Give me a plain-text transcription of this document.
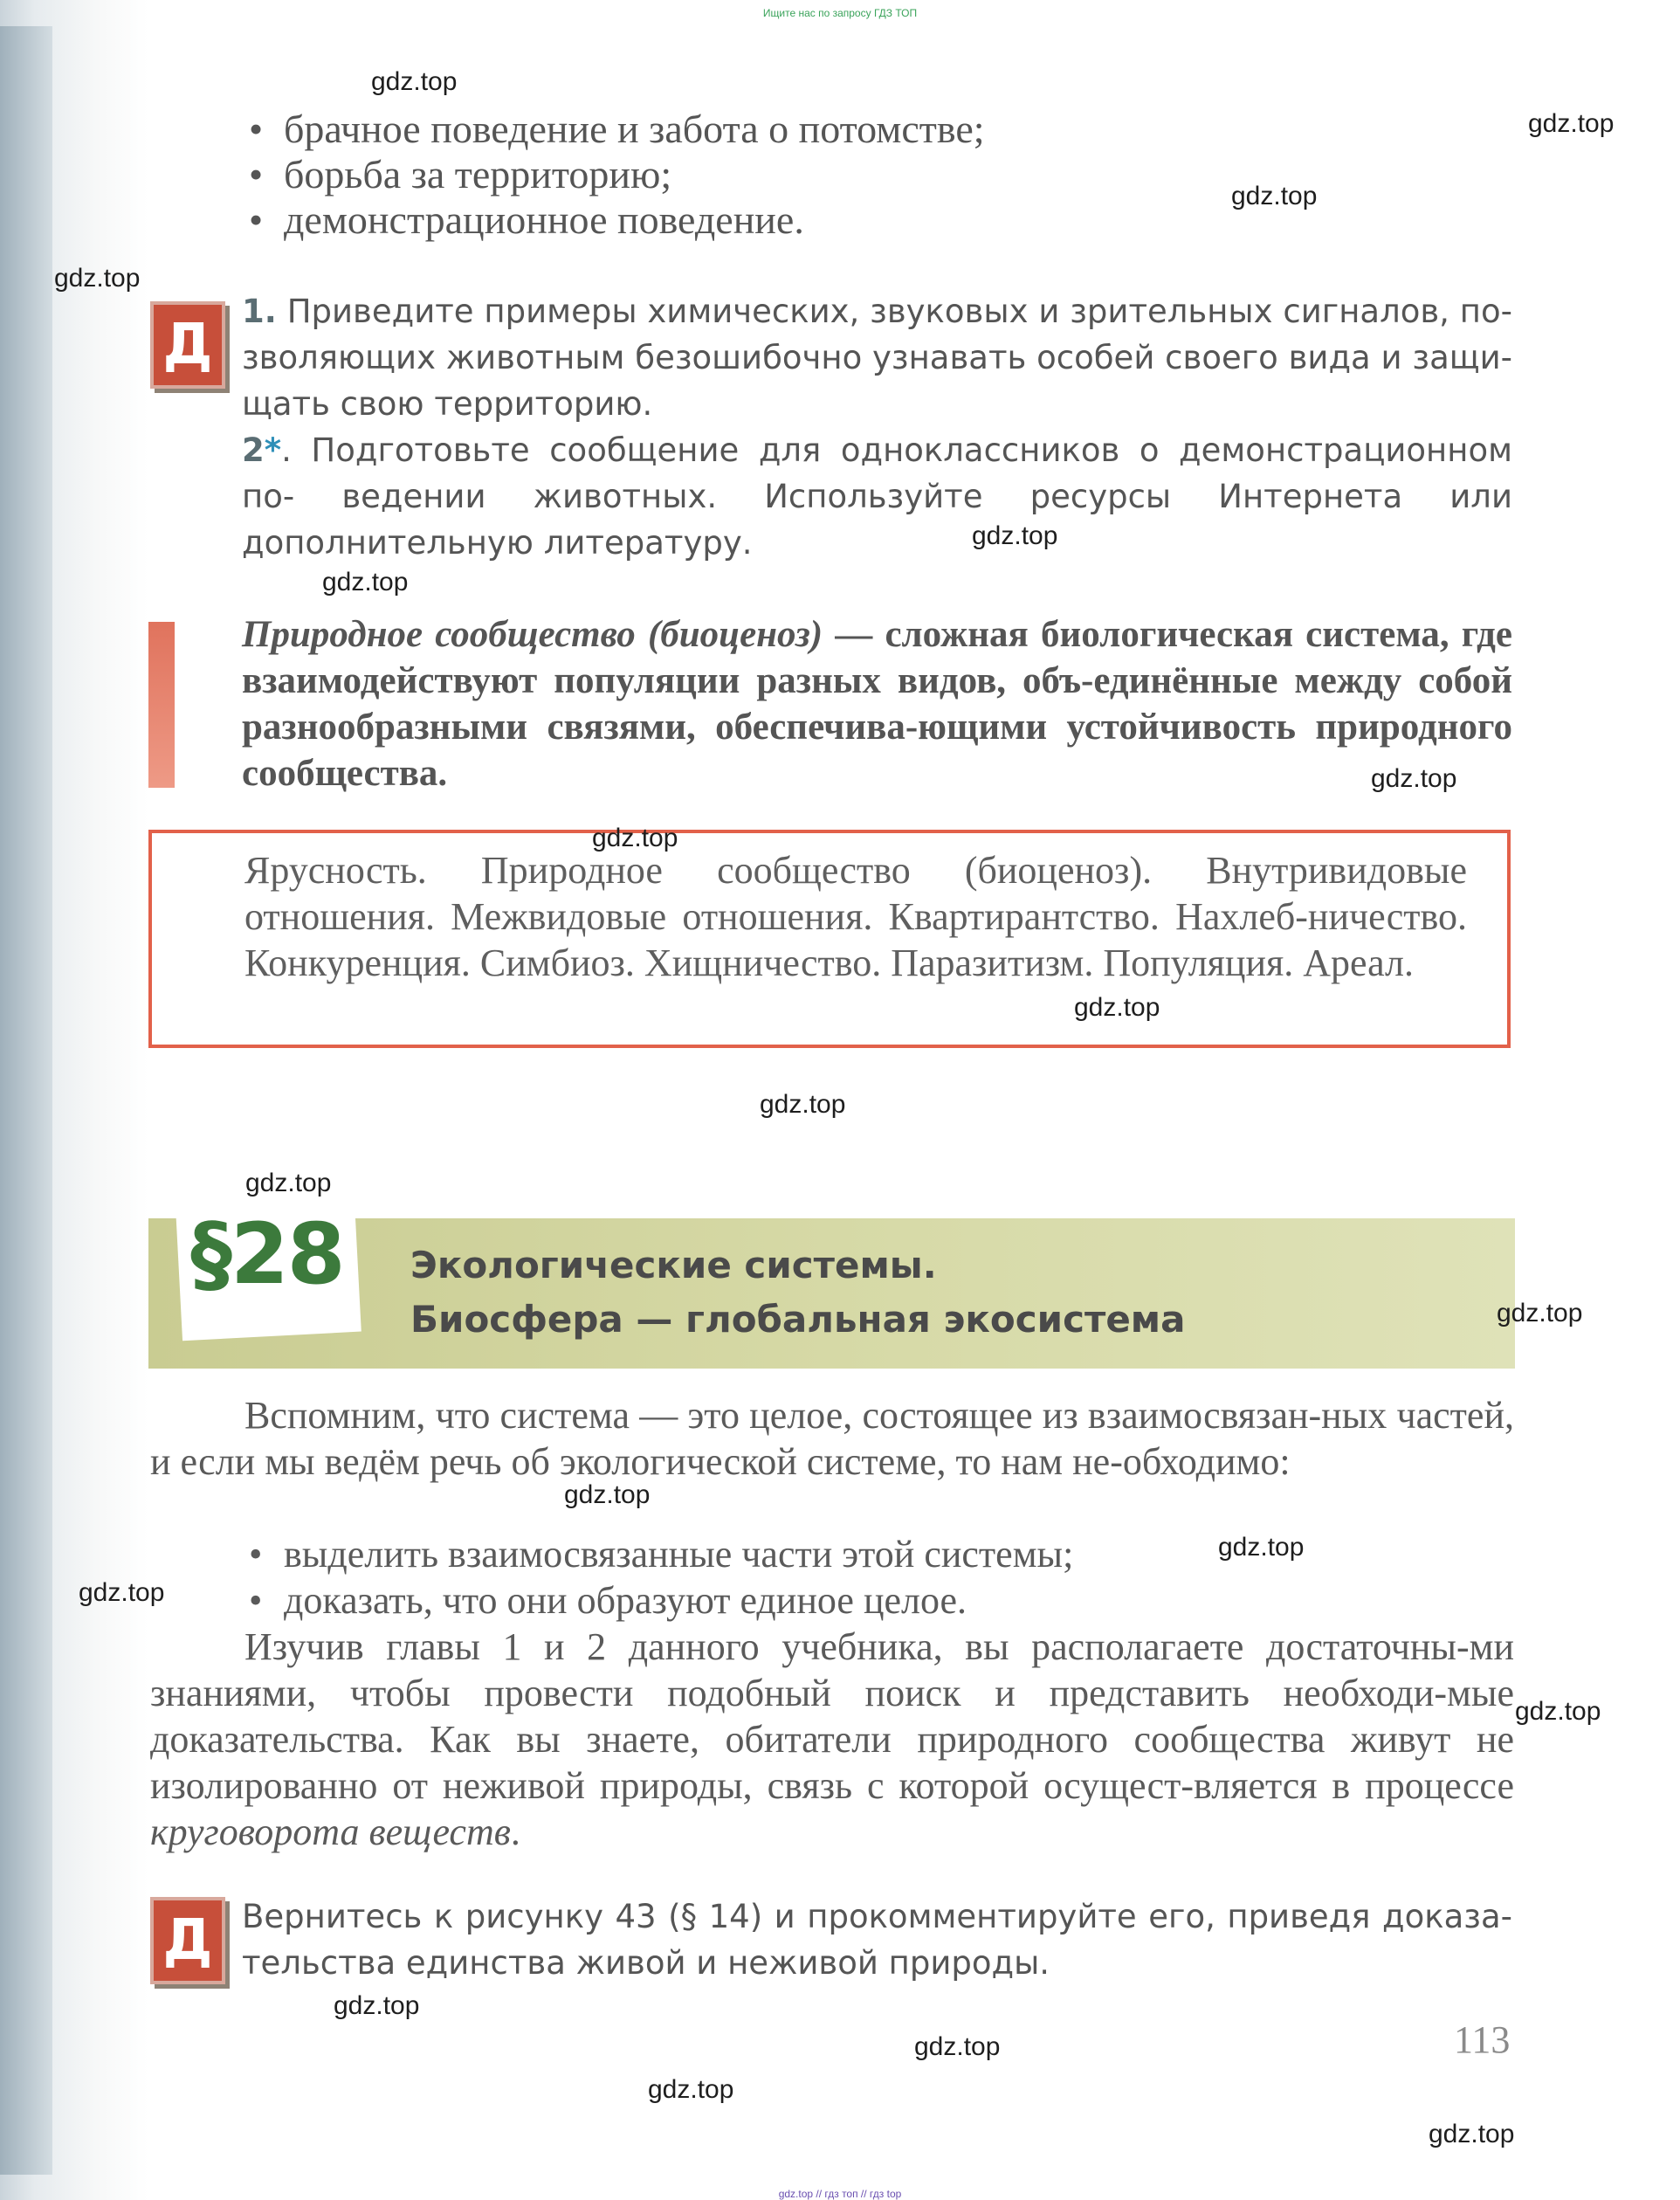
Ищите нас по запросу ГДЗ ТОП
• брачное поведение и забота о потомстве;
• борьба за территорию;
• демонстрационное поведение.
Д
1. Приведите примеры химических, звуковых и зрительных сигналов, по- зволяющих животным безошибочно узнавать особей своего вида и защи- щать свою территорию.
2*. Подготовьте сообщение для одноклассников о демонстрационном по- ведении животных. Используйте ресурсы Интернета или дополнительную литературу.
Природное сообщество (биоценоз) — сложная биологическая система, где взаимодействуют популяции разных видов, объ-единённые между собой разнообразными связями, обеспечива-ющими устойчивость природного сообщества.
Ярусность. Природное сообщество (биоценоз). Внутривидовые отношения. Межвидовые отношения. Квартирантство. Нахлеб-ничество. Конкуренция. Симбиоз. Хищничество. Паразитизм. Популяция. Ареал.
§28 Экологические системы.
Биосфера — глобальная экосистема
Вспомним, что система — это целое, состоящее из взаимосвязан-ных частей, и если мы ведём речь об экологической системе, то нам не-обходимо:
• выделить взаимосвязанные части этой системы;
• доказать, что они образуют единое целое.
Изучив главы 1 и 2 данного учебника, вы располагаете достаточны-ми знаниями, чтобы провести подобный поиск и представить необходи-мые доказательства. Как вы знаете, обитатели природного сообщества живут не изолированно от неживой природы, связь с которой осущест-вляется в процессе круговорота веществ.
Д Вернитесь к рисунку 43 (§ 14) и прокомментируйте его, приведя доказа-тельства единства живой и неживой природы.
113
gdz.top
gdz.top
gdz.top
gdz.top
gdz.top
gdz.top
gdz.top
gdz.top
gdz.top
gdz.top
gdz.top
gdz.top
gdz.top
gdz.top
gdz.top
gdz.top
gdz.top
gdz.top
gdz.top
gdz.top
gdz.top // гдз топ // гдз top
